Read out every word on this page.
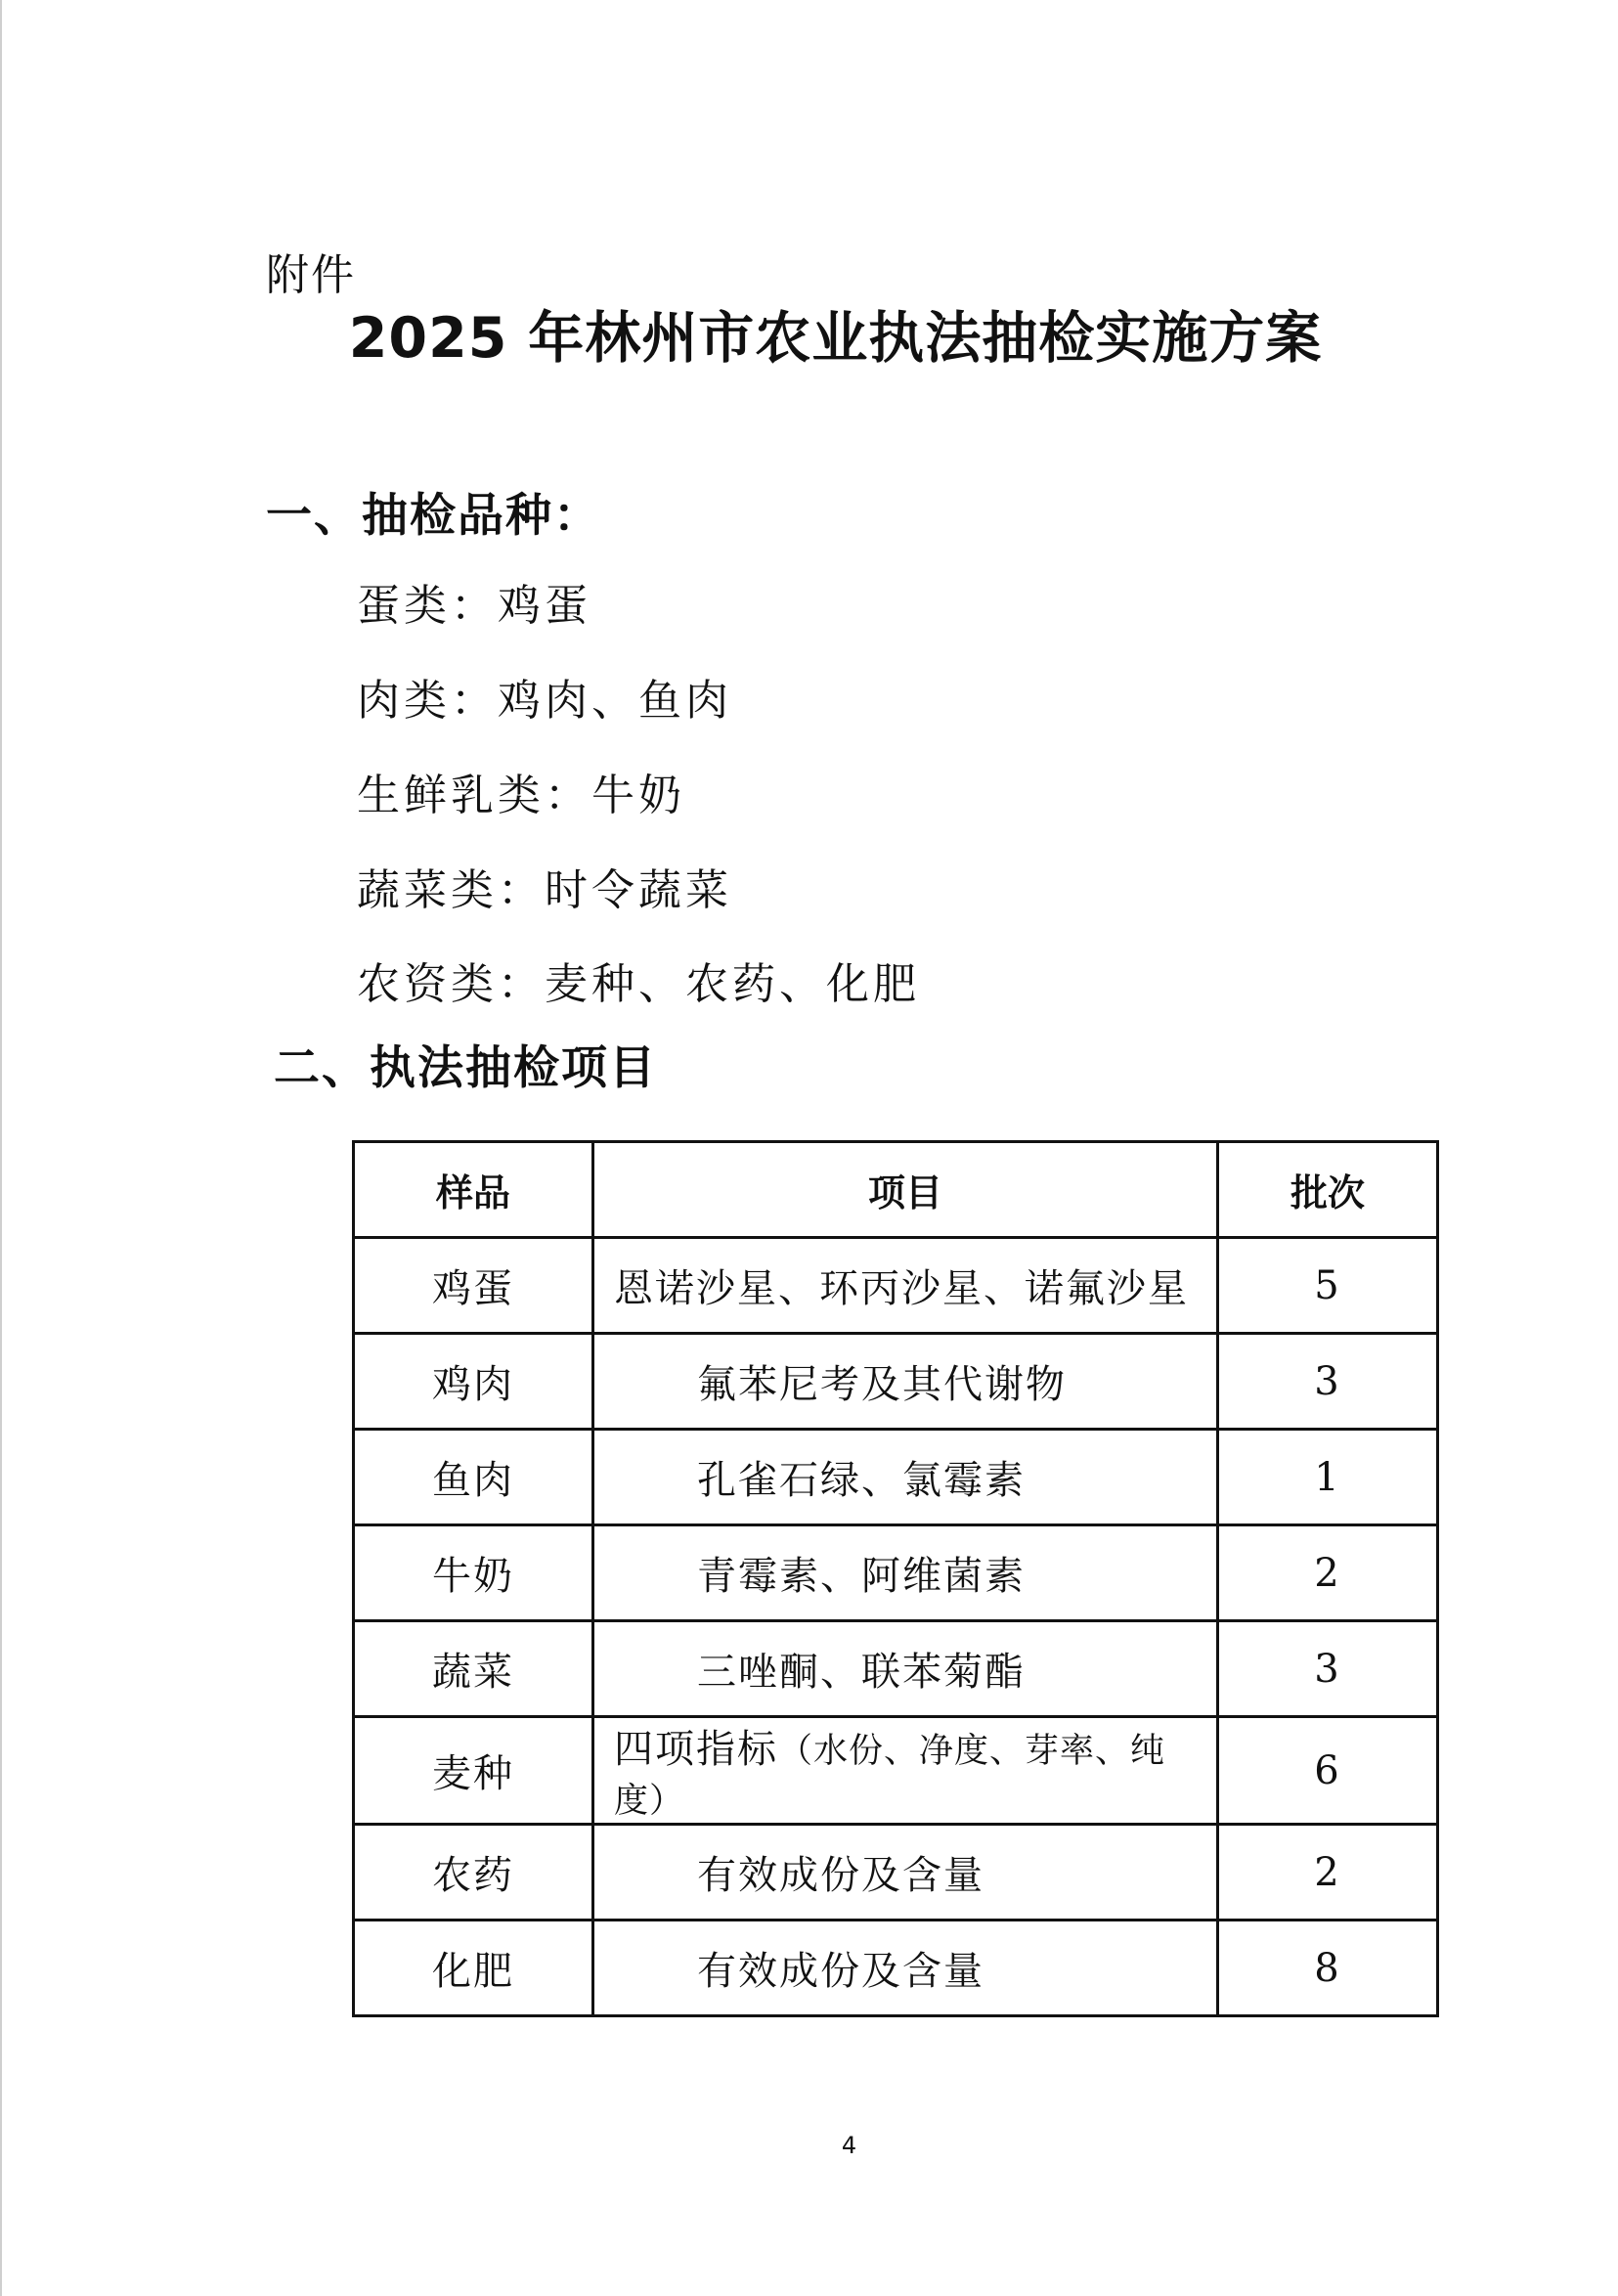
附件
2025 年林州市农业执法抽检实施方案
一、抽检品种：
蛋类：鸡蛋
肉类：鸡肉、鱼肉
生鲜乳类：牛奶
蔬菜类：时令蔬菜
农资类：麦种、农药、化肥
二、执法抽检项目
样品	项目	批次
鸡蛋	恩诺沙星、环丙沙星、诺氟沙星	5
鸡肉	氟苯尼考及其代谢物	3
鱼肉	孔雀石绿、氯霉素	1
牛奶	青霉素、阿维菌素	2
蔬菜	三唑酮、联苯菊酯	3
麦种	四项指标（水份、净度、芽率、纯度）	6
农药	有效成份及含量	2
化肥	有效成份及含量	8
4
